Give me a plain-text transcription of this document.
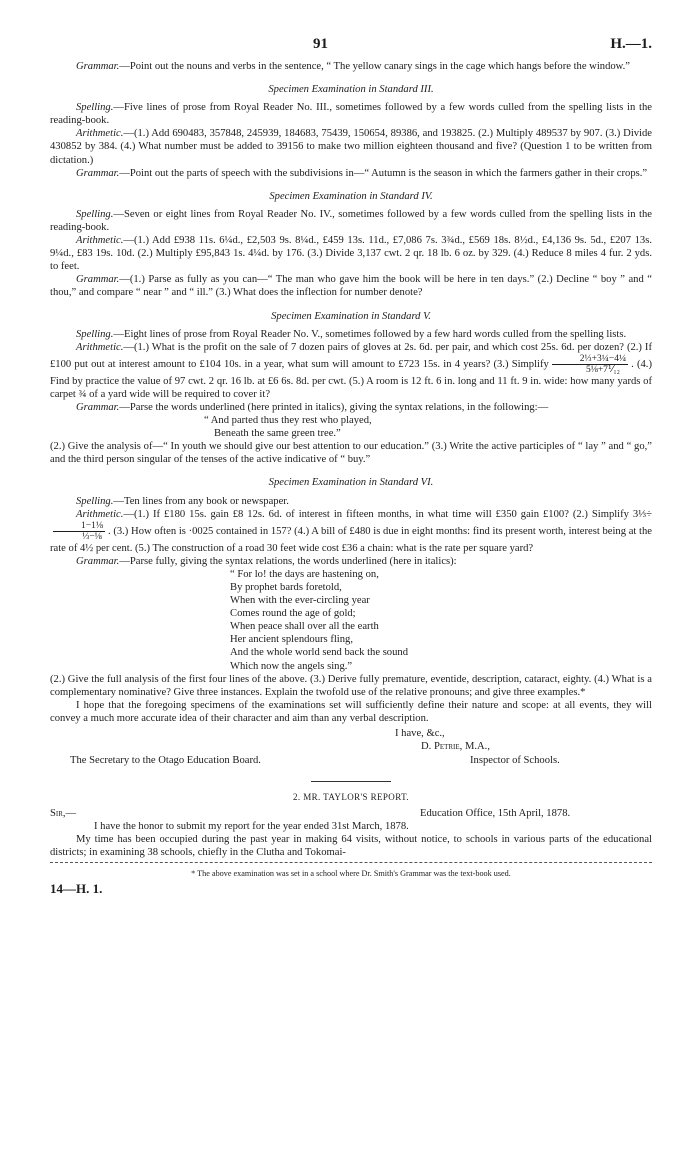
91	H.—1.

Grammar.—Point out the nouns and verbs in the sentence, “ The yellow canary sings in the cage which hangs before the window.”

Specimen Examination in Standard III.

Spelling.—Five lines of prose from Royal Reader No. III., sometimes followed by a few words culled from the spelling lists in the reading-book.

Arithmetic.—(1.) Add 690483, 357848, 245939, 184683, 75439, 150654, 89386, and 193825. (2.) Multiply 489537 by 907. (3.) Divide 430852 by 384. (4.) What number must be added to 39156 to make two million eighteen thousand and five? (Question 1 to be written from dictation.)

Grammar.—Point out the parts of speech with the subdivisions in—“ Autumn is the season in which the farmers gather in their crops.”

Specimen Examination in Standard IV.

Spelling.—Seven or eight lines from Royal Reader No. IV., sometimes followed by a few words culled from the spelling lists in the reading-book.

Arithmetic.—(1.) Add £938 11s. 6¼d., £2,503 9s. 8¼d., £459 13s. 11d., £7,086 7s. 3¾d., £569 18s. 8½d., £4,136 9s. 5d., £207 13s. 9¼d., £83 19s. 10d. (2.) Multiply £95,843 1s. 4¼d. by 176. (3.) Divide 3,137 cwt. 2 qr. 18 lb. 6 oz. by 329. (4.) Reduce 8 miles 4 fur. 2 yds. to feet.

Grammar.—(1.) Parse as fully as you can—“ The man who gave him the book will be here in ten days.” (2.) Decline “ boy ” and “ thou,” and compare “ near ” and “ ill.” (3.) What does the inflection for number denote?

Specimen Examination in Standard V.

Spelling.—Eight lines of prose from Royal Reader No. V., sometimes followed by a few hard words culled from the spelling lists.

Arithmetic.—(1.) What is the profit on the sale of 7 dozen pairs of gloves at 2s. 6d. per pair, and which cost 25s. 6d. per dozen? (2.) If £100 put out at interest amount to £104 10s. in a year, what sum will amount to £723 15s. in 4 years? (3.) Simplify $\frac{\text{2⅓+3¼−4¼}}{\text{5⅛+7⅟₁₂}}$ . (4.) Find by practice the value of 97 cwt. 2 qr. 16 lb. at £6 6s. 8d. per cwt. (5.) A room is 12 ft. 6 in. long and 11 ft. 9 in. wide: how many yards of carpet ¾ of a yard wide will be required to cover it?

Grammar.—Parse the words underlined (here printed in italics), giving the syntax relations, in the following:—

“ And parted thus they rest who played,

Beneath the same green tree.”

(2.) Give the analysis of—“ In youth we should give our best attention to our education.” (3.) Write the active participles of “ lay ” and “ go,” and the third person singular of the tenses of the active indicative of “ buy.”

Specimen Examination in Standard VI.

Spelling.—Ten lines from any book or newspaper.

Arithmetic.—(1.) If £180 15s. gain £8 12s. 6d. of interest in fifteen months, in what time will £350 gain £100? (2.) Simplify 3⅓÷
$\frac{\text{1−1⅛}}{\text{⅓−⅛}}$ . (3.) How often is ·0025 contained in 157? (4.) A bill of £480 is due in eight months: find its present worth, interest being at the rate of 4½ per cent. (5.) The construction of a road 30 feet wide cost £36 a chain: what is the rate per square yard?

Grammar.—Parse fully, giving the syntax relations, the words underlined (here in italics):

“ For lo! the days are hastening on,

By prophet bards foretold,

When with the ever-circling year

Comes round the age of gold;

When peace shall over all the earth

Her ancient splendours fling,

And the whole world send back the sound

Which now the angels sing.”

(2.) Give the full analysis of the first four lines of the above. (3.) Derive fully premature, eventide, description, cataract, eighty. (4.) What is a complementary nominative? Give three instances. Explain the twofold use of the relative pronouns; and give three examples.*

I hope that the foregoing specimens of the examinations set will sufficiently define their nature and scope: at all events, they will convey a much more accurate idea of their character and aim than any verbal description.

I have, &c.,
D. Petrie, M.A.,
The Secretary to the Otago Education Board.	Inspector of Schools.

2. MR. TAYLOR'S REPORT.

Sir,—	Education Office, 15th April, 1878.

I have the honor to submit my report for the year ended 31st March, 1878.

My time has been occupied during the past year in making 64 visits, without notice, to schools in various parts of the educational districts; in examining 38 schools, chiefly in the Clutha and Tokomai-

* The above examination was set in a school where Dr. Smith's Grammar was the text-book used.

14—H. 1.
